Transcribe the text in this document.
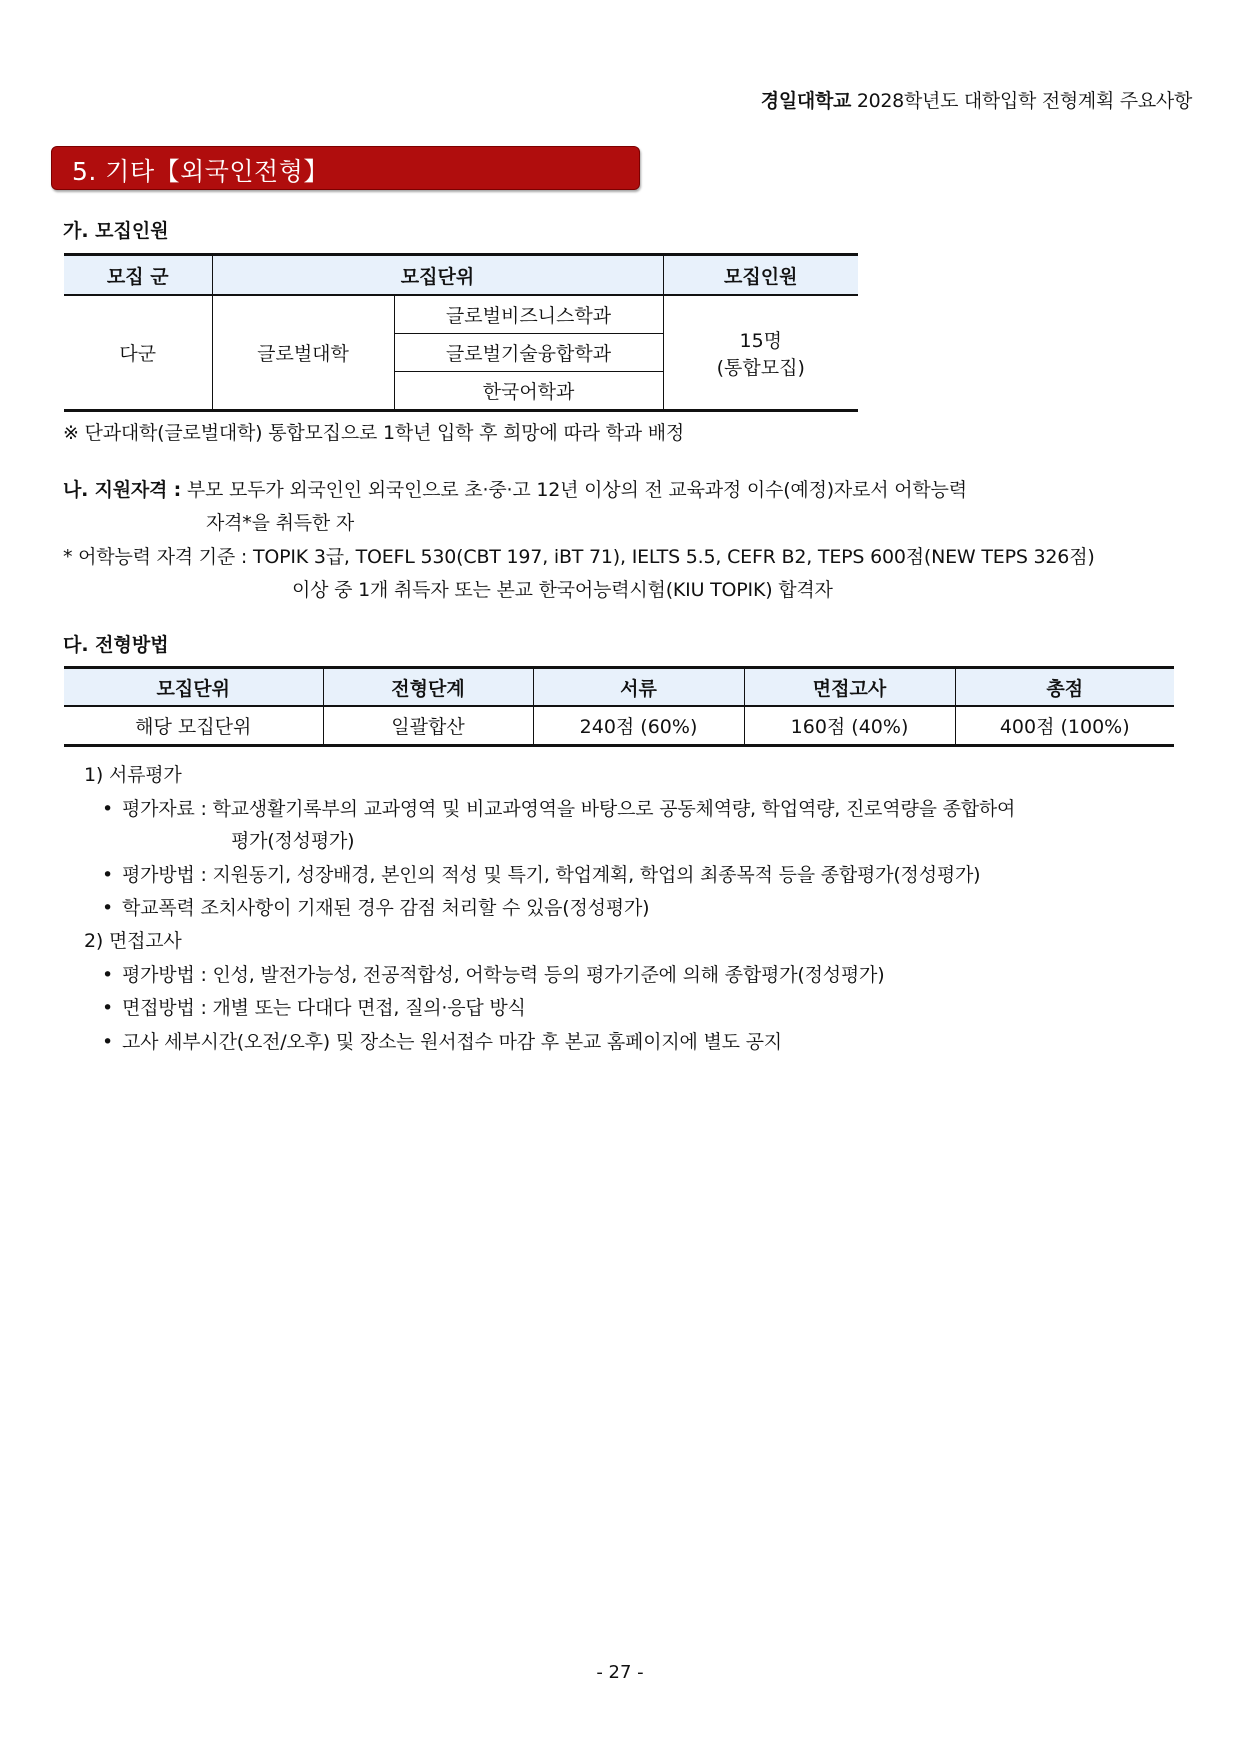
경일대학교 2028학년도 대학입학 전형계획 주요사항
5. 기타【외국인전형】
가. 모집인원
모집 군	모집단위		모집인원
다군	글로벌대학	글로벌비즈니스학과	15명
(통합모집)

		글로벌기술융합학과	
		한국어학과	
※ 단과대학(글로벌대학) 통합모집으로 1학년 입학 후 희망에 따라 학과 배정
나. 지원자격 : 부모 모두가 외국인인 외국인으로 초·중·고 12년 이상의 전 교육과정 이수(예정)자로서 어학능력
자격*을 취득한 자
* 어학능력 자격 기준 : TOPIK 3급, TOEFL 530(CBT 197, iBT 71), IELTS 5.5, CEFR B2, TEPS 600점(NEW TEPS 326점)
이상 중 1개 취득자 또는 본교 한국어능력시험(KIU TOPIK) 합격자
다. 전형방법
모집단위	전형단계	서류	면접고사	총점
해당 모집단위	일괄합산	240점 (60%)	160점 (40%)	400점 (100%)
1) 서류평가
• 평가자료 : 학교생활기록부의 교과영역 및 비교과영역을 바탕으로 공동체역량, 학업역량, 진로역량을 종합하여
평가(정성평가)
• 평가방법 : 지원동기, 성장배경, 본인의 적성 및 특기, 학업계획, 학업의 최종목적 등을 종합평가(정성평가)
• 학교폭력 조치사항이 기재된 경우 감점 처리할 수 있음(정성평가)
2) 면접고사
• 평가방법 : 인성, 발전가능성, 전공적합성, 어학능력 등의 평가기준에 의해 종합평가(정성평가)
• 면접방법 : 개별 또는 다대다 면접, 질의·응답 방식
• 고사 세부시간(오전/오후) 및 장소는 원서접수 마감 후 본교 홈페이지에 별도 공지
- 27 -
